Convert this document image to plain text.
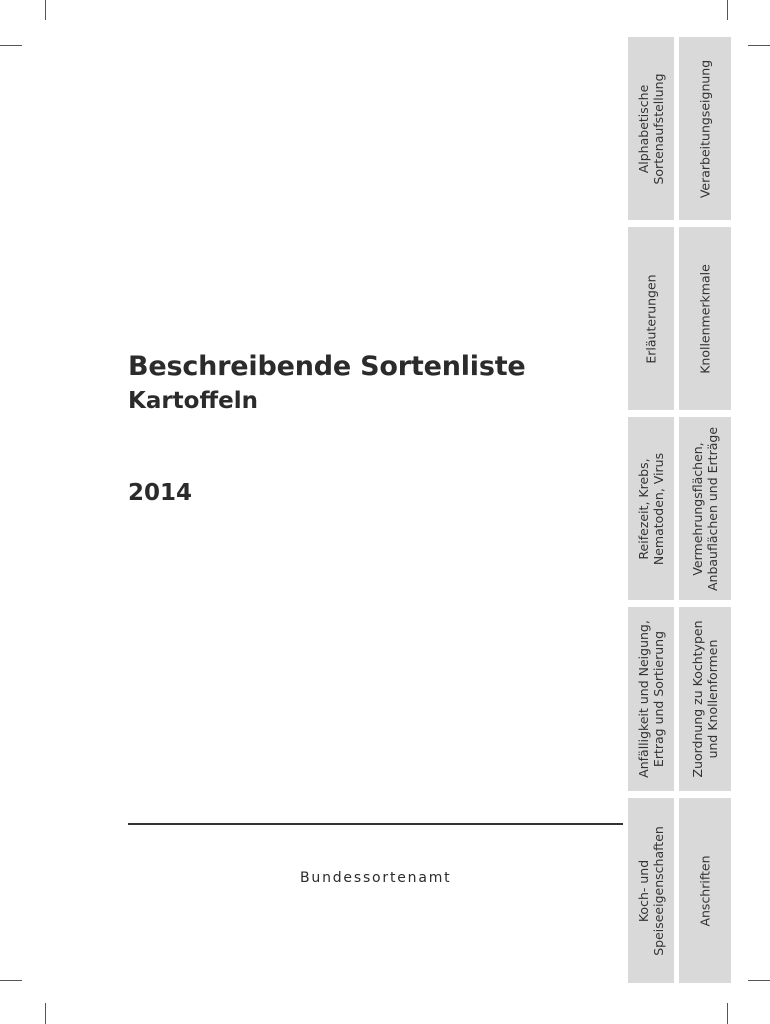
Beschreibende Sortenliste
Kartoffeln
2014
Bundessortenamt
Alphabetische Sortenaufstellung
Erläuterungen
Reifezeit, Krebs, Nematoden, Virus
Anfälligkeit und Neigung, Ertrag und Sortierung
Koch- und Speiseeigenschaften
Verarbeitungseignung
Knollenmerkmale
Vermehrungsflächen, Anbauflächen und Erträge
Zuordnung zu Kochtypen und Knollenformen
Anschriften
